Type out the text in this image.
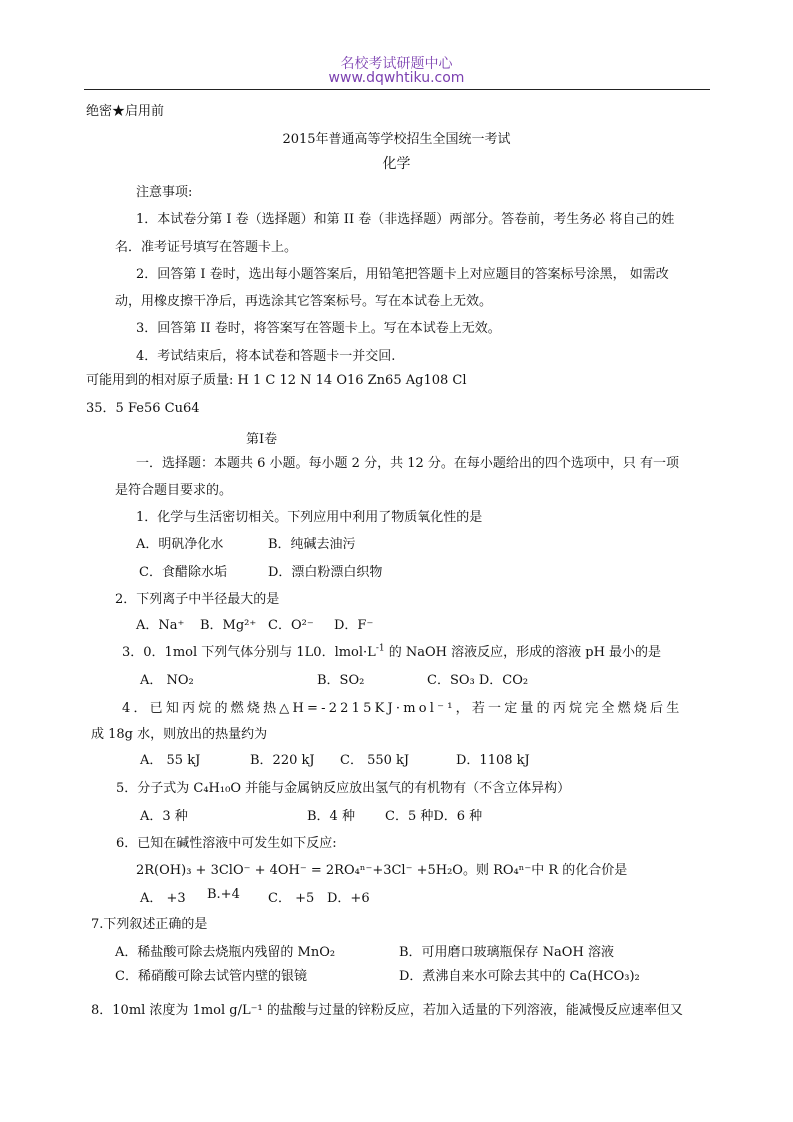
名校考试研题中心
www.dqwhtiku.com
绝密★启用前
2015年普通高等学校招生全国统一考试
化学
注意事项:
1．本试卷分第 I 卷（选择题）和第 II 卷（非选择题）两部分。答卷前，考生务必 将自己的姓
名．准考证号填写在答题卡上。
2．回答第 I 卷时，选出每小题答案后，用铅笔把答题卡上对应题目的答案标号涂黑， 如需改
动，用橡皮擦干净后，再选涂其它答案标号。写在本试卷上无效。
3．回答第 II 卷时，将答案写在答题卡上。写在本试卷上无效。
4．考试结束后，将本试卷和答题卡一并交回.
可能用到的相对原子质量: H 1 C 12 N 14 O16 Zn65 Ag108 Cl
35．5 Fe56 Cu64
第Ⅰ卷
一．选择题：本题共 6 小题。每小题 2 分，共 12 分。在每小题给出的四个选项中，只 有一项
是符合题目要求的。
1．化学与生活密切相关。下列应用中利用了物质氧化性的是
A．明矾净化水	B．纯碱去油污
C．食醋除水垢	D．漂白粉漂白织物
2．下列离子中半径最大的是
A．Na⁺ B．Mg²⁺ C．O²⁻ D．F⁻
3．0．1mol 下列气体分别与 1L0．$lmol\cdot L^{-1}$ 的 NaOH 溶液反应，形成的溶液 pH 最小的是
A． NO₂	B．SO₂	C．SO₃ D．CO₂
4．已知丙烷的燃烧热△H=-2215KJ·mol⁻¹，若一定量的丙烷完全燃烧后生
成 18g 水，则放出的热量约为
A． 55 kJ	B．220 kJ C． 550 kJ	D．1108 kJ
5．分子式为 C₄H₁₀O 并能与金属钠反应放出氢气的有机物有（不含立体异构）
A．3 种	B．4 种 C．5 种D．6 种
6．已知在碱性溶液中可发生如下反应:
2R(OH)₃ + 3ClO⁻ + 4OH⁻ = 2RO₄ⁿ⁻+3Cl⁻ +5H₂O。则 RO₄ⁿ⁻中 R 的化合价是
A． +3 B.+4 C． +5 D．+6
7.下列叙述正确的是
A．稀盐酸可除去烧瓶内残留的 MnO₂	B．可用磨口玻璃瓶保存 NaOH 溶液
C．稀硝酸可除去试管内壁的银镜	D．煮沸自来水可除去其中的 Ca(HCO₃)₂
8．10ml 浓度为 1mol g/L⁻¹ 的盐酸与过量的锌粉反应，若加入适量的下列溶液，能减慢反应速率但又
